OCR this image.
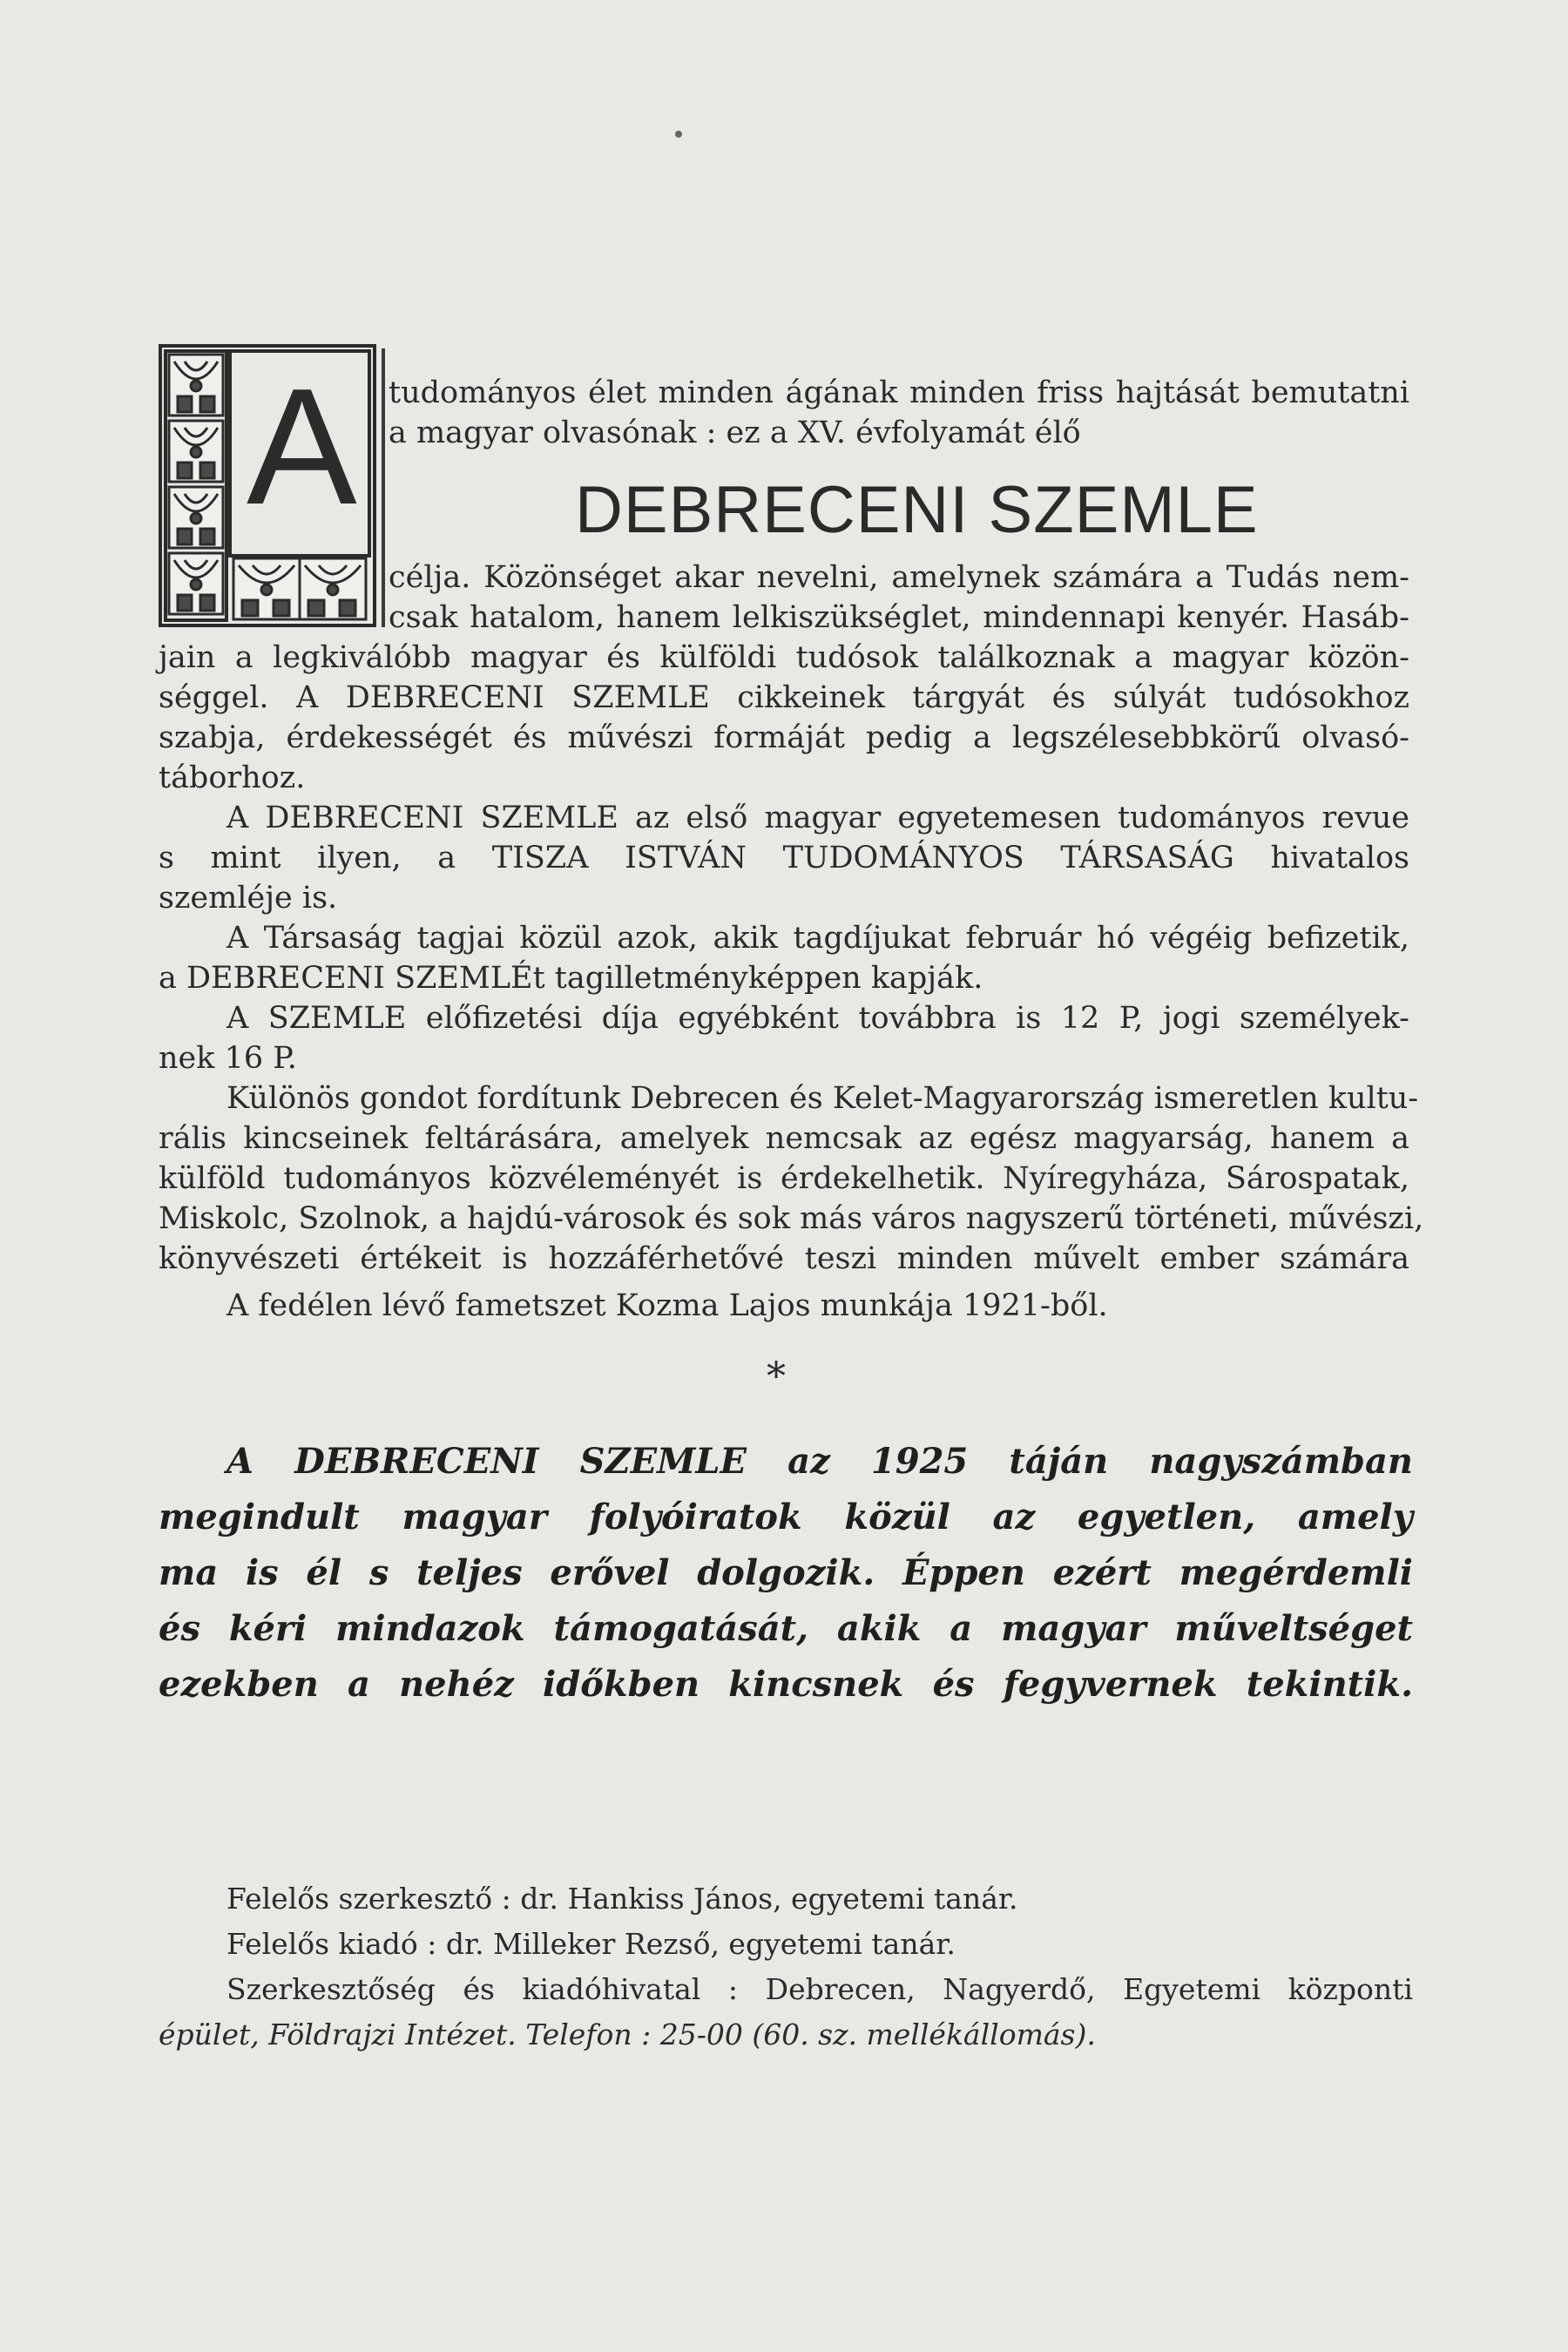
A tudományos élet minden ágának minden friss hajtását bemutatni

a magyar olvasónak : ez a XV. évfolyamát élő

DEBRECENI SZEMLE

célja. Közönséget akar nevelni, amelynek számára a Tudás nem-

csak hatalom, hanem lelkiszükséglet, mindennapi kenyér. Hasáb-

jain a legkiválóbb magyar és külföldi tudósok találkoznak a magyar közön-

séggel. A DEBRECENI SZEMLE cikkeinek tárgyát és súlyát tudósokhoz

szabja, érdekességét és művészi formáját pedig a legszélesebbkörű olvasó-

táborhoz.

A DEBRECENI SZEMLE az első magyar egyetemesen tudományos revue

s mint ilyen, a TISZA ISTVÁN TUDOMÁNYOS TÁRSASÁG hivatalos

szemléje is.

A Társaság tagjai közül azok, akik tagdíjukat február hó végéig befizetik,

a DEBRECENI SZEMLÉt tagilletményképpen kapják.

A SZEMLE előfizetési díja egyébként továbbra is 12 P, jogi személyek-

nek 16 P.

Különös gondot fordítunk Debrecen és Kelet-Magyarország ismeretlen kultu-

rális kincseinek feltárására, amelyek nemcsak az egész magyarság, hanem a

külföld tudományos közvéleményét is érdekelhetik. Nyíregyháza, Sárospatak,

Miskolc, Szolnok, a hajdú-városok és sok más város nagyszerű történeti, művészi,

könyvészeti értékeit is hozzáférhetővé teszi minden művelt ember számára

A fedélen lévő fametszet Kozma Lajos munkája 1921-ből.

*

A DEBRECENI SZEMLE az 1925 táján nagyszámban

megindult magyar folyóiratok közül az egyetlen, amely

ma is él s teljes erővel dolgozik. Éppen ezért megérdemli

és kéri mindazok támogatását, akik a magyar műveltséget

ezekben a nehéz időkben kincsnek és fegyvernek tekintik.

Felelős szerkesztő : dr. Hankiss János, egyetemi tanár.

Felelős kiadó : dr. Milleker Rezső, egyetemi tanár.

Szerkesztőség és kiadóhivatal : Debrecen, Nagyerdő, Egyetemi központi

épület, Földrajzi Intézet. Telefon : 25-00 (60. sz. mellékállomás).
